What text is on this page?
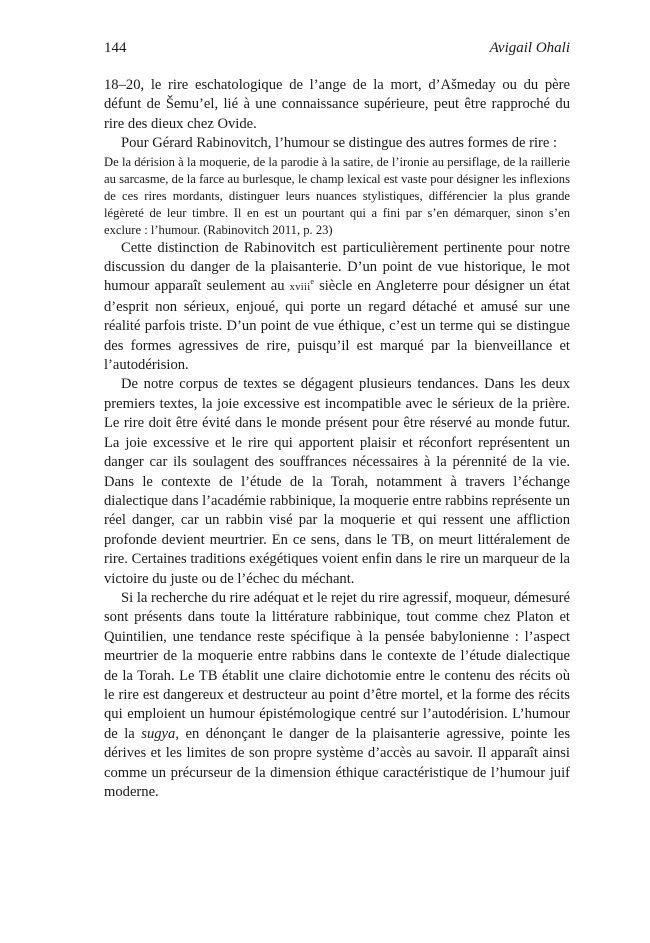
144	Avigail Ohali

18–20, le rire eschatologique de l’ange de la mort, d’Ašmeday ou du père défunt de Šemu’el, lié à une connaissance supérieure, peut être rapproché du rire des dieux chez Ovide.

Pour Gérard Rabinovitch, l’humour se distingue des autres formes de rire :

De la dérision à la moquerie, de la parodie à la satire, de l’ironie au persiflage, de la raillerie au sarcasme, de la farce au burlesque, le champ lexical est vaste pour désigner les inflexions de ces rires mordants, distinguer leurs nuances stylistiques, différencier la plus grande légèreté de leur timbre. Il en est un pourtant qui a fini par s’en démarquer, sinon s’en exclure : l’humour. (Rabinovitch 2011, p. 23)

Cette distinction de Rabinovitch est particulièrement pertinente pour notre discussion du danger de la plaisanterie. D’un point de vue historique, le mot humour apparaît seulement au xviii$^e$ siècle en Angleterre pour désigner un état d’esprit non sérieux, enjoué, qui porte un regard détaché et amusé sur une réalité parfois triste. D’un point de vue éthique, c’est un terme qui se distingue des formes agressives de rire, puisqu’il est marqué par la bienveillance et l’autodérision.

De notre corpus de textes se dégagent plusieurs tendances. Dans les deux premiers textes, la joie excessive est incompatible avec le sérieux de la prière. Le rire doit être évité dans le monde présent pour être réservé au monde futur. La joie excessive et le rire qui apportent plaisir et réconfort représentent un danger car ils soulagent des souffrances nécessaires à la pérennité de la vie. Dans le contexte de l’étude de la Torah, notamment à travers l’échange dialectique dans l’académie rabbinique, la moquerie entre rabbins représente un réel danger, car un rabbin visé par la moquerie et qui ressent une affliction profonde devient meurtrier. En ce sens, dans le TB, on meurt littéralement de rire. Certaines traditions exégétiques voient enfin dans le rire un marqueur de la victoire du juste ou de l’échec du méchant.

Si la recherche du rire adéquat et le rejet du rire agressif, moqueur, démesuré sont présents dans toute la littérature rabbinique, tout comme chez Platon et Quintilien, une tendance reste spécifique à la pensée babylonienne : l’aspect meurtrier de la moquerie entre rabbins dans le contexte de l’étude dialectique de la Torah. Le TB établit une claire dichotomie entre le contenu des récits où le rire est dangereux et destructeur au point d’être mortel, et la forme des récits qui emploient un humour épistémologique centré sur l’autodérision. L’humour de la sugya, en dénonçant le danger de la plaisanterie agressive, pointe les dérives et les limites de son propre système d’accès au savoir. Il apparaît ainsi comme un précurseur de la dimension éthique caractéristique de l’humour juif moderne.
